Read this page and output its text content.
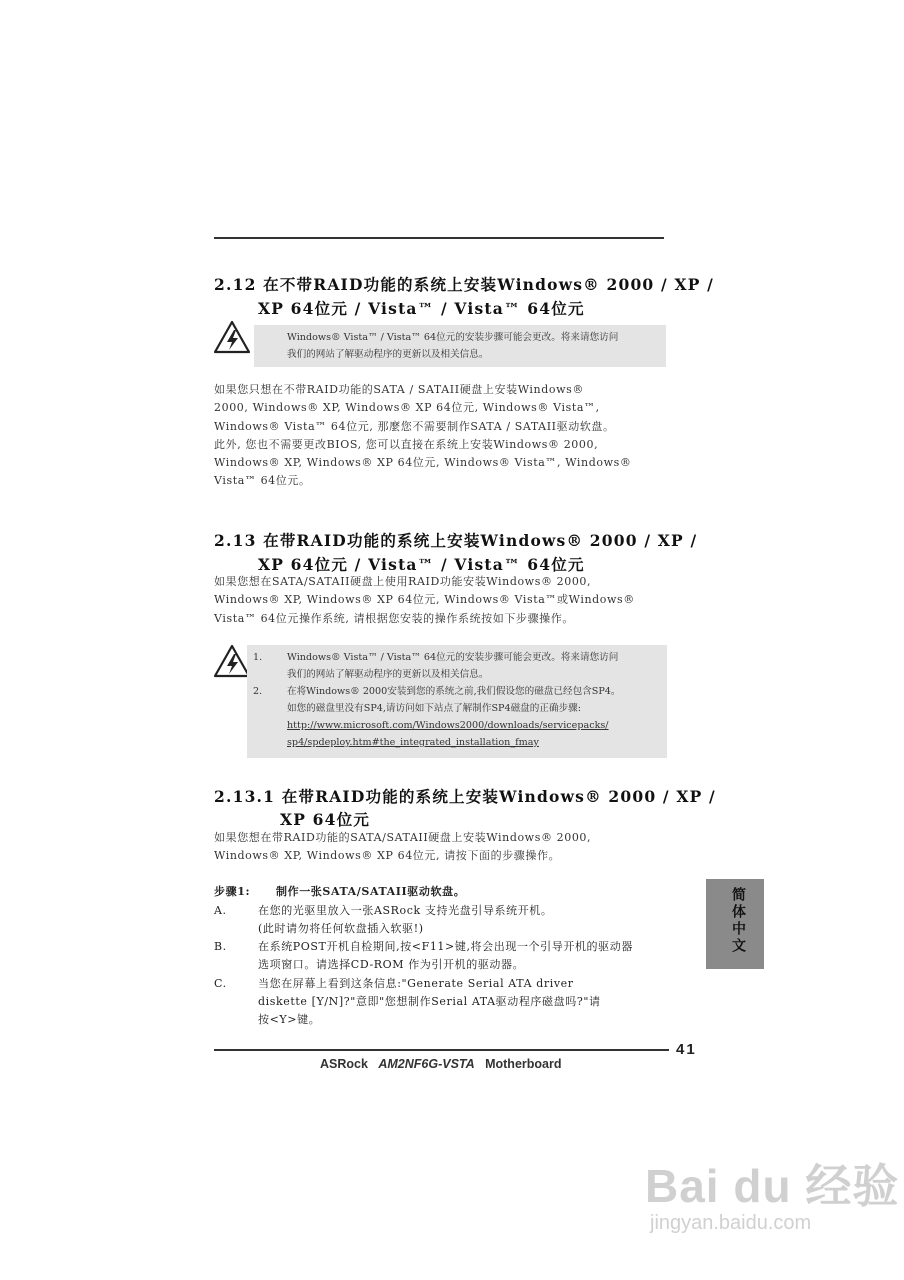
2.12 在不带RAID功能的系统上安装Windows® 2000 / XP /
XP 64位元 / Vista™ / Vista™ 64位元
Windows® Vista™ / Vista™ 64位元的安装步骤可能会更改。将来请您访问
我们的网站了解驱动程序的更新以及相关信息。
如果您只想在不带RAID功能的SATA / SATAII硬盘上安装Windows®
2000, Windows® XP, Windows® XP 64位元, Windows® Vista™,
Windows® Vista™ 64位元, 那麼您不需要制作SATA / SATAII驱动软盘。
此外, 您也不需要更改BIOS, 您可以直接在系统上安装Windows® 2000,
Windows® XP, Windows® XP 64位元, Windows® Vista™, Windows®
Vista™ 64位元。
2.13 在带RAID功能的系统上安装Windows® 2000 / XP /
XP 64位元 / Vista™ / Vista™ 64位元
如果您想在SATA/SATAII硬盘上使用RAID功能安装Windows® 2000,
Windows® XP, Windows® XP 64位元, Windows® Vista™或Windows®
Vista™ 64位元操作系统, 请根据您安装的操作系统按如下步骤操作。
1.	Windows® Vista™ / Vista™ 64位元的安装步骤可能会更改。将来请您访问
我们的网站了解驱动程序的更新以及相关信息。
2.	在将Windows® 2000安装到您的系统之前,我们假设您的磁盘已经包含SP4。
如您的磁盘里没有SP4,请访问如下站点了解制作SP4磁盘的正确步骤:
http://www.microsoft.com/Windows2000/downloads/servicepacks/
sp4/spdeploy.htm#the_integrated_installation_fmay
2.13.1 在带RAID功能的系统上安装Windows® 2000 / XP /
XP 64位元
如果您想在带RAID功能的SATA/SATAII硬盘上安装Windows® 2000,
Windows® XP, Windows® XP 64位元, 请按下面的步骤操作。
步骤1: 制作一张SATA/SATAII驱动软盘。
A.	在您的光驱里放入一张ASRock 支持光盘引导系统开机。
(此时请勿将任何软盘插入软驱!)
B.	在系统POST开机自检期间,按<F11>键,将会出现一个引导开机的驱动器
选项窗口。请选择CD-ROM 作为引开机的驱动器。
C.	当您在屏幕上看到这条信息:"Generate Serial ATA driver
diskette [Y/N]?"意即"您想制作Serial ATA驱动程序磁盘吗?"请
按<Y>键。
简体中文
41
ASRock AM2NF6G-VSTA Motherboard
Bai du 经验
jingyan.baidu.com
